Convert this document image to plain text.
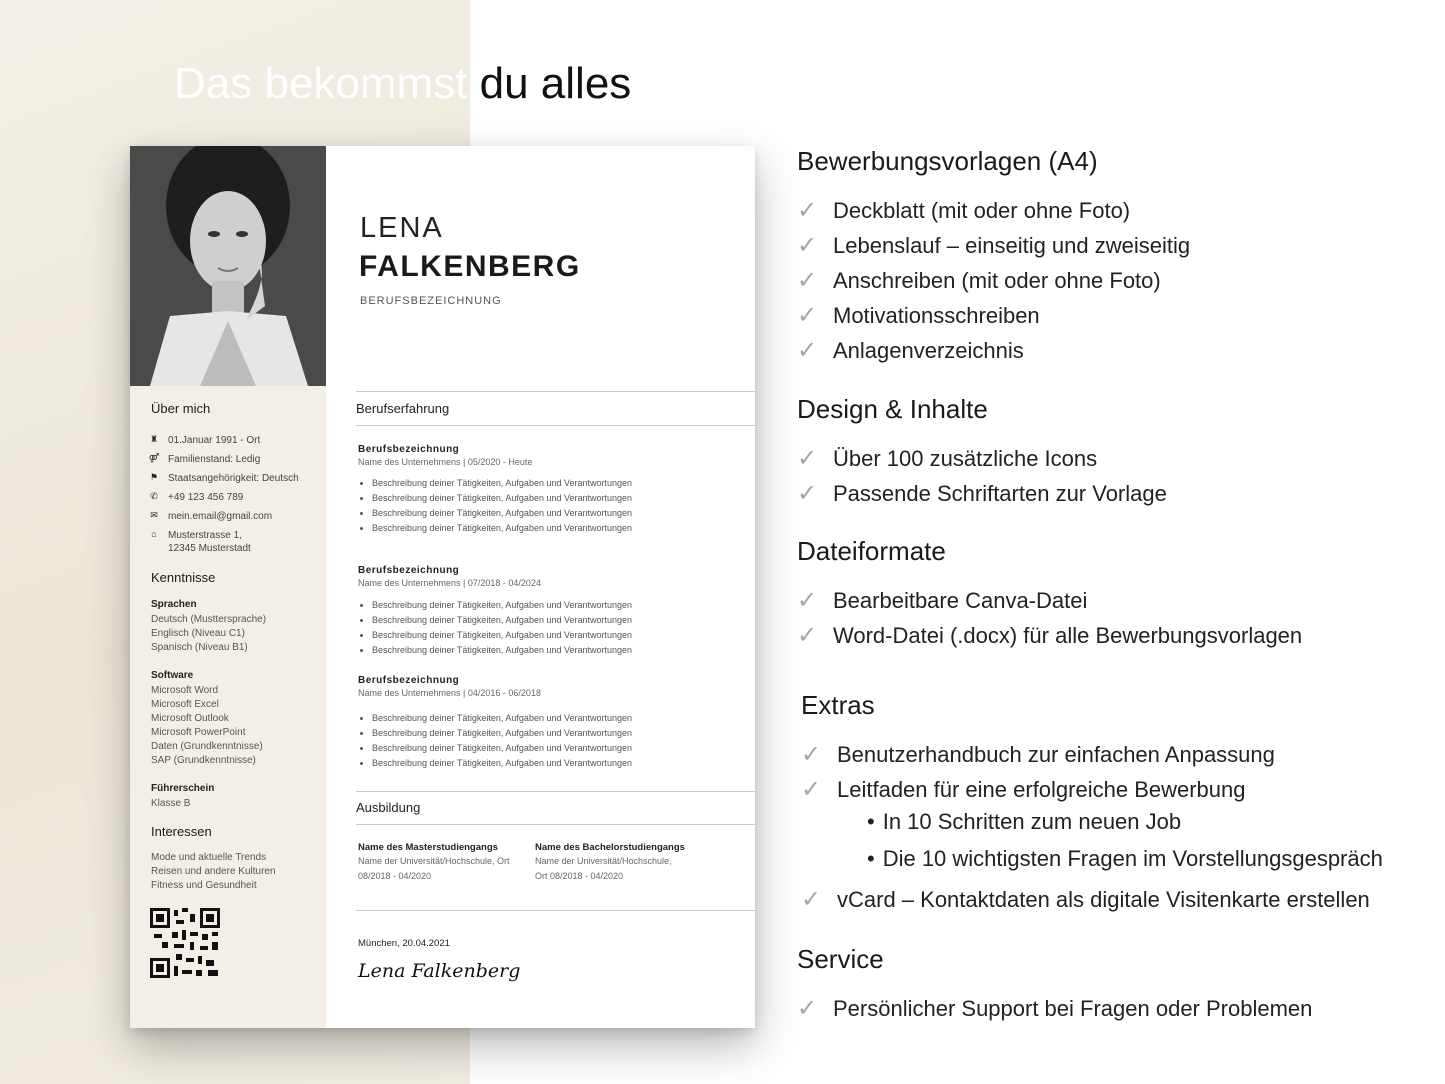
Das bekommst du alles
Über mich
♜ 01.Januar 1991 - Ort
⚤ Familienstand: Ledig
⚑ Staatsangehörigkeit: Deutsch
✆ +49 123 456 789
✉ mein.email@gmail.com
⌂	Musterstrasse 1,
12345 Musterstadt
Kenntnisse
Sprachen
Deutsch (Musttersprache)
Englisch (Niveau C1)
Spanisch (Niveau B1)
Software
Microsoft Word
Microsoft Excel
Microsoft Outlook
Microsoft PowerPoint
Daten (Grundkenntnisse)
SAP (Grundkenntnisse)
Führerschein
Klasse B
Interessen
Mode und aktuelle Trends
Reisen und andere Kulturen
Fitness und Gesundheit
LENA
FALKENBERG
BERUFSBEZEICHNUNG
Berufserfahrung
Berufsbezeichnung
Name des Unternehmens | 05/2020 - Heute
• Beschreibung deiner Tätigkeiten, Aufgaben und Verantwortungen
• Beschreibung deiner Tätigkeiten, Aufgaben und Verantwortungen
• Beschreibung deiner Tätigkeiten, Aufgaben und Verantwortungen
• Beschreibung deiner Tätigkeiten, Aufgaben und Verantwortungen
Berufsbezeichnung
Name des Unternehmens | 07/2018 - 04/2024
• Beschreibung deiner Tätigkeiten, Aufgaben und Verantwortungen
• Beschreibung deiner Tätigkeiten, Aufgaben und Verantwortungen
• Beschreibung deiner Tätigkeiten, Aufgaben und Verantwortungen
• Beschreibung deiner Tätigkeiten, Aufgaben und Verantwortungen
Berufsbezeichnung
Name des Unternehmens | 04/2016 - 06/2018
• Beschreibung deiner Tätigkeiten, Aufgaben und Verantwortungen
• Beschreibung deiner Tätigkeiten, Aufgaben und Verantwortungen
• Beschreibung deiner Tätigkeiten, Aufgaben und Verantwortungen
• Beschreibung deiner Tätigkeiten, Aufgaben und Verantwortungen
Ausbildung
Name des Masterstudiengangs
Name der Universität/Hochschule, Ort
08/2018 - 04/2020
Name des Bachelorstudiengangs
Name der Universität/Hochschule,
Ort 08/2018 - 04/2020
München, 20.04.2021
Lena Falkenberg
Bewerbungsvorlagen (A4)
✓ Deckblatt (mit oder ohne Foto)
✓ Lebenslauf – einseitig und zweiseitig
✓ Anschreiben (mit oder ohne Foto)
✓ Motivationsschreiben
✓ Anlagenverzeichnis
Design & Inhalte
✓ Über 100 zusätzliche Icons
✓ Passende Schriftarten zur Vorlage
Dateiformate
✓ Bearbeitbare Canva-Datei
✓ Word-Datei (.docx) für alle Bewerbungsvorlagen
Extras
✓ Benutzerhandbuch zur einfachen Anpassung
✓ Leitfaden für eine erfolgreiche Bewerbung
• In 10 Schritten zum neuen Job
• Die 10 wichtigsten Fragen im Vorstellungsgespräch
✓ vCard – Kontaktdaten als digitale Visitenkarte erstellen
Service
✓ Persönlicher Support bei Fragen oder Problemen
